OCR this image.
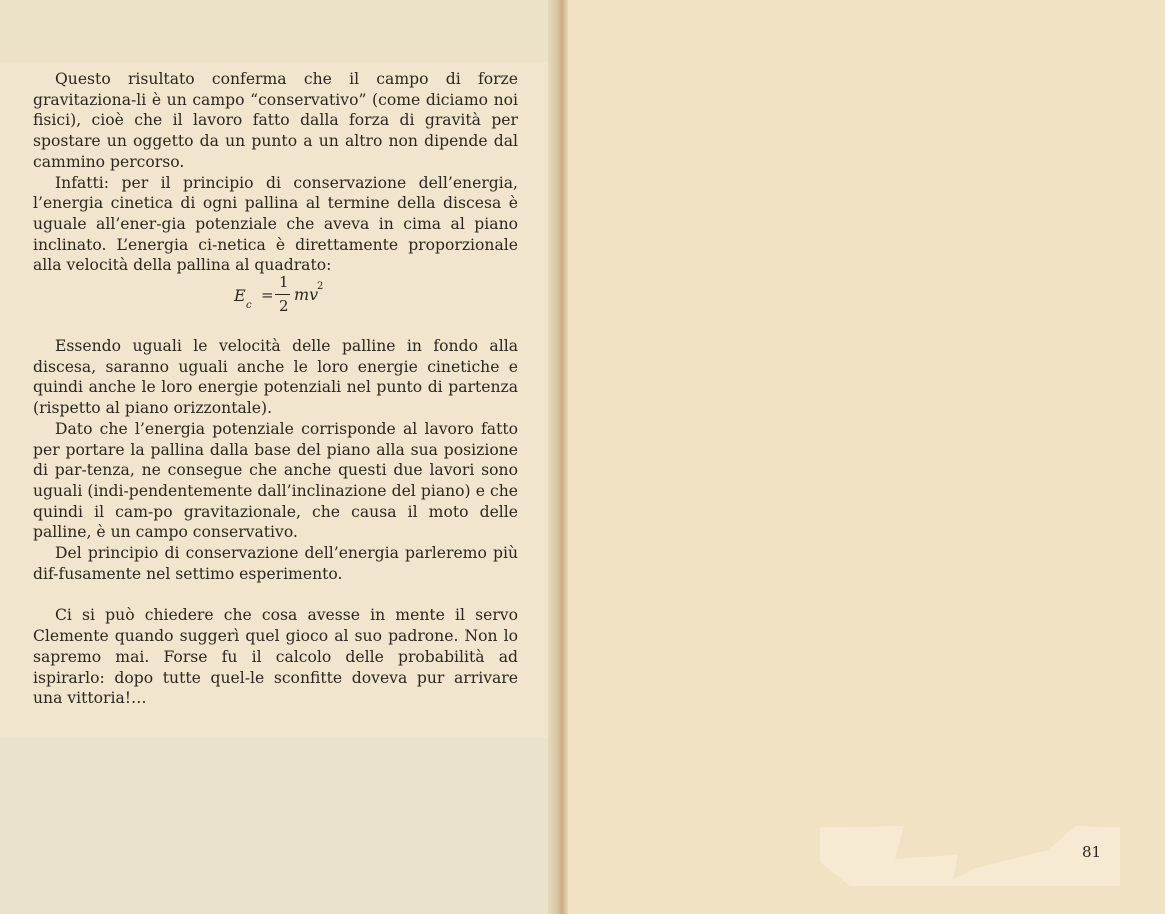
Questo risultato conferma che il campo di forze gravitaziona-li è un campo “conservativo” (come diciamo noi fisici), cioè che il lavoro fatto dalla forza di gravità per spostare un oggetto da un punto a un altro non dipende dal cammino percorso.

Infatti: per il principio di conservazione dell’energia, l’energia cinetica di ogni pallina al termine della discesa è uguale all’ener-gia potenziale che aveva in cima al piano inclinato. L’energia ci-netica è direttamente proporzionale alla velocità della pallina al quadrato:

E
c
=
1
2
mv
2

Essendo uguali le velocità delle palline in fondo alla discesa, saranno uguali anche le loro energie cinetiche e quindi anche le loro energie potenziali nel punto di partenza (rispetto al piano orizzontale).

Dato che l’energia potenziale corrisponde al lavoro fatto per portare la pallina dalla base del piano alla sua posizione di par-tenza, ne consegue che anche questi due lavori sono uguali (indi-pendentemente dall’inclinazione del piano) e che quindi il cam-po gravitazionale, che causa il moto delle palline, è un campo conservativo.

Del principio di conservazione dell’energia parleremo più dif-fusamente nel settimo esperimento.

Ci si può chiedere che cosa avesse in mente il servo Clemente quando suggerì quel gioco al suo padrone. Non lo sapremo mai. Forse fu il calcolo delle probabilità ad ispirarlo: dopo tutte quel-le sconfitte doveva pur arrivare una vittoria!…

81
